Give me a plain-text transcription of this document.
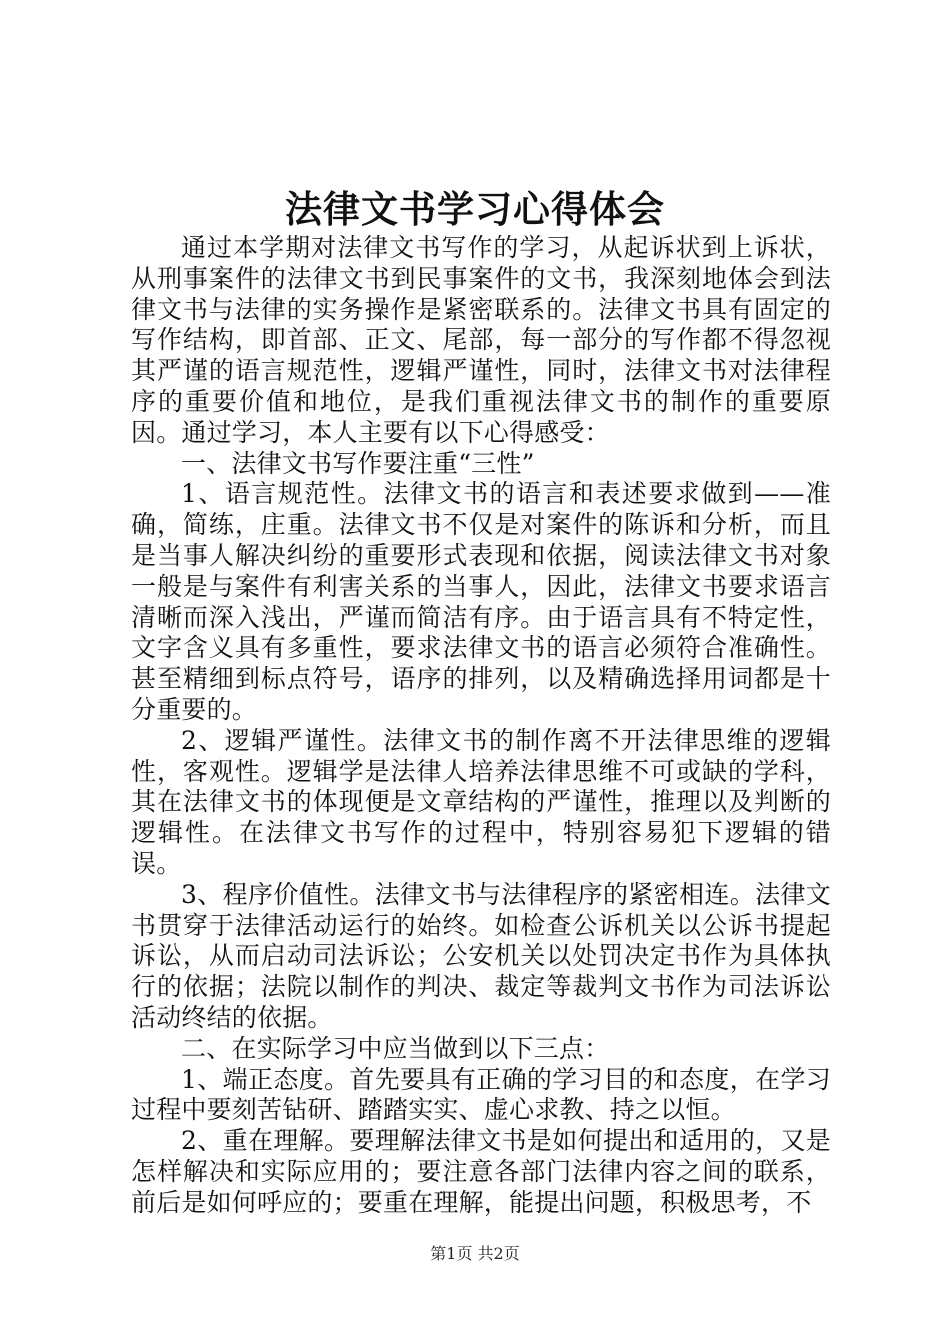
法律文书学习心得体会

通过本学期对法律文书写作的学习，从起诉状到上诉状，从刑事案件的法律文书到民事案件的文书，我深刻地体会到法律文书与法律的实务操作是紧密联系的。法律文书具有固定的写作结构，即首部、正文、尾部，每一部分的写作都不得忽视其严谨的语言规范性，逻辑严谨性，同时，法律文书对法律程序的重要价值和地位，是我们重视法律文书的制作的重要原因。通过学习，本人主要有以下心得感受：

一、法律文书写作要注重“三性”

1、语言规范性。法律文书的语言和表述要求做到——准确，简练，庄重。法律文书不仅是对案件的陈诉和分析，而且是当事人解决纠纷的重要形式表现和依据，阅读法律文书对象一般是与案件有利害关系的当事人，因此，法律文书要求语言清晰而深入浅出，严谨而简洁有序。由于语言具有不特定性，文字含义具有多重性，要求法律文书的语言必须符合准确性。甚至精细到标点符号，语序的排列，以及精确选择用词都是十分重要的。

2、逻辑严谨性。法律文书的制作离不开法律思维的逻辑性，客观性。逻辑学是法律人培养法律思维不可或缺的学科，其在法律文书的体现便是文章结构的严谨性，推理以及判断的逻辑性。在法律文书写作的过程中，特别容易犯下逻辑的错误。

3、程序价值性。法律文书与法律程序的紧密相连。法律文书贯穿于法律活动运行的始终。如检查公诉机关以公诉书提起诉讼，从而启动司法诉讼；公安机关以处罚决定书作为具体执行的依据；法院以制作的判决、裁定等裁判文书作为司法诉讼活动终结的依据。

二、在实际学习中应当做到以下三点：

1、端正态度。首先要具有正确的学习目的和态度，在学习过程中要刻苦钻研、踏踏实实、虚心求教、持之以恒。

2、重在理解。要理解法律文书是如何提出和适用的，又是怎样解决和实际应用的；要注意各部门法律内容之间的联系，前后是如何呼应的；要重在理解，能提出问题，积极思考，不

第1页 共2页
